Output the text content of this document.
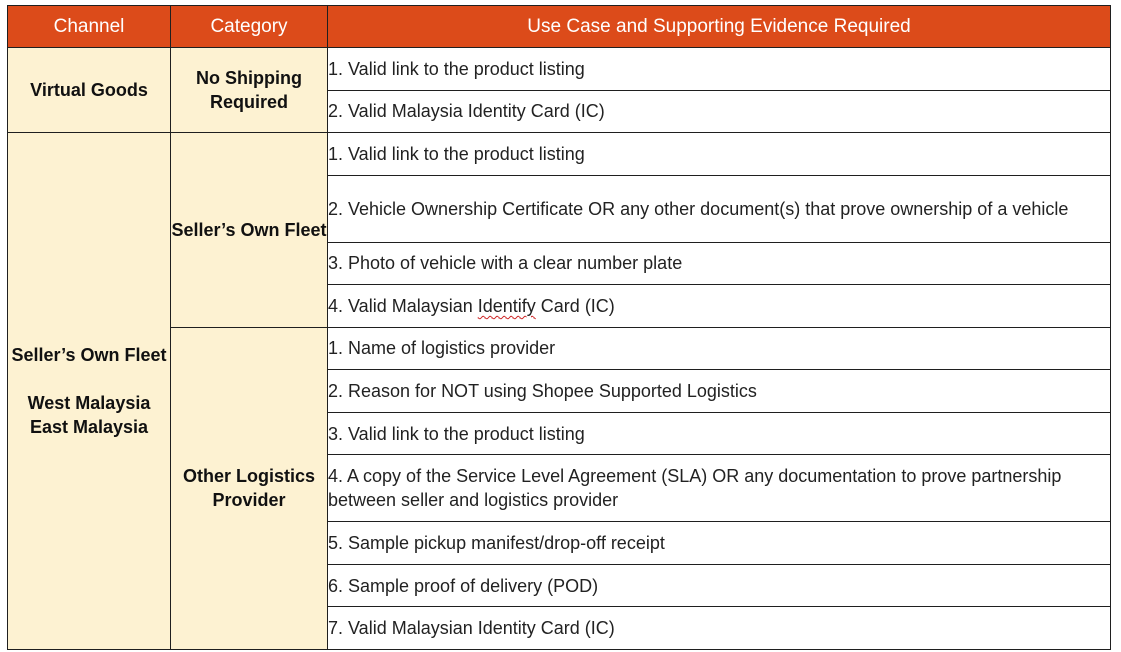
Channel	Category	Use Case and Supporting Evidence Required
Virtual Goods	No Shipping Required	1. Valid link to the product listing
		2. Valid Malaysia Identity Card (IC)

Seller’s Own Fleet
West Malaysia
East Malaysia	Seller’s Own Fleet	1. Valid link to the product listing
		2. Vehicle Ownership Certificate OR any other document(s) that prove ownership of a vehicle
		3. Photo of vehicle with a clear number plate
		4. Valid Malaysian Identify Card (IC)
	Other Logistics Provider	1. Name of logistics provider
		2. Reason for NOT using Shopee Supported Logistics
		3. Valid link to the product listing
		4. A copy of the Service Level Agreement (SLA) OR any documentation to prove partnership between seller and logistics provider
		5. Sample pickup manifest/drop-off receipt
		6. Sample proof of delivery (POD)
		7. Valid Malaysian Identity Card (IC)
